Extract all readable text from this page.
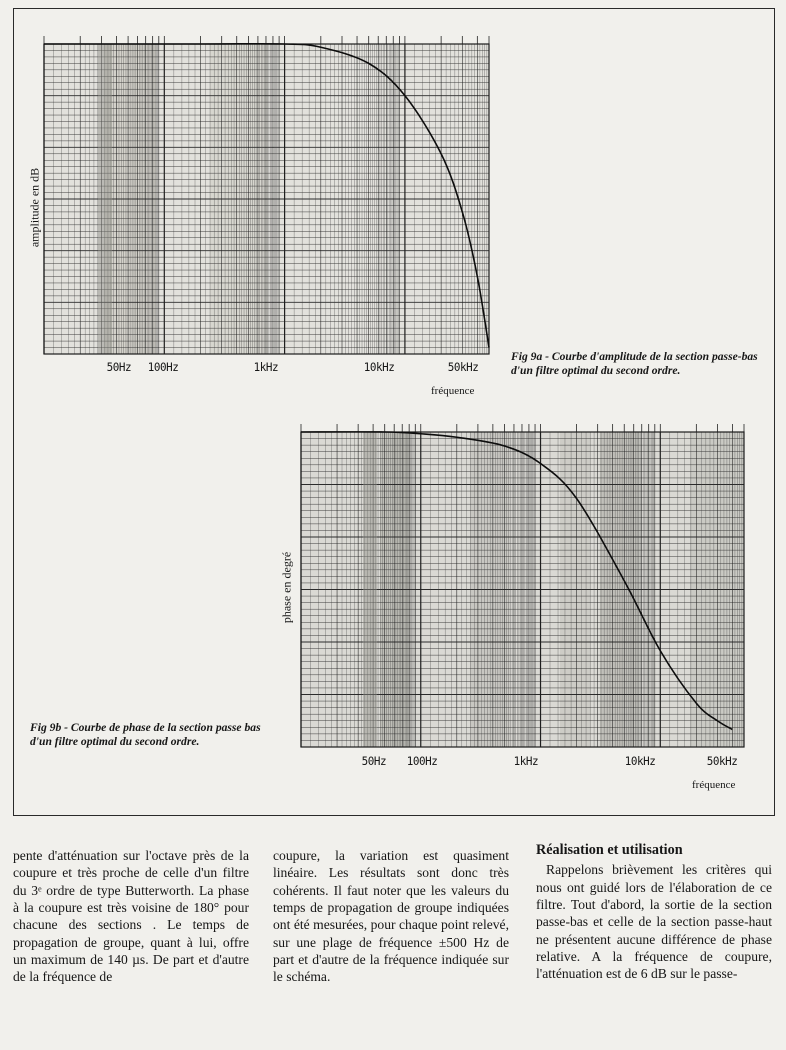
amplitude en dB
50Hz 100Hz	1kHz	10kHz	50kHz
fréquence
Fig 9a - Courbe d'amplitude de la section passe-bas d'un filtre optimal du second ordre.
phase en degré
50Hz 100Hz	1kHz	10kHz	50kHz
fréquence
Fig 9b - Courbe de phase de la section passe bas d'un filtre optimal du second ordre.

pente d'atténuation sur l'octave près de la coupure et très proche de celle d'un filtre du 3ᵉ ordre de type Butterworth. La phase à la coupure est très voisine de 180° pour chacune des sections . Le temps de propagation de groupe, quant à lui, offre un maximum de 140 µs. De part et d'autre de la fréquence de

coupure, la variation est quasiment linéaire. Les résultats sont donc très cohérents. Il faut noter que les valeurs du temps de propagation de groupe indiquées ont été mesurées, pour chaque point relevé, sur une plage de fréquence ±500 Hz de part et d'autre de la fréquence indiquée sur le schéma.

Réalisation et utilisation

Rappelons brièvement les critères qui nous ont guidé lors de l'élaboration de ce filtre. Tout d'abord, la sortie de la section passe-bas et celle de la section passe-haut ne présentent aucune différence de phase relative. A la fréquence de coupure, l'atténuation est de 6 dB sur le passe-
